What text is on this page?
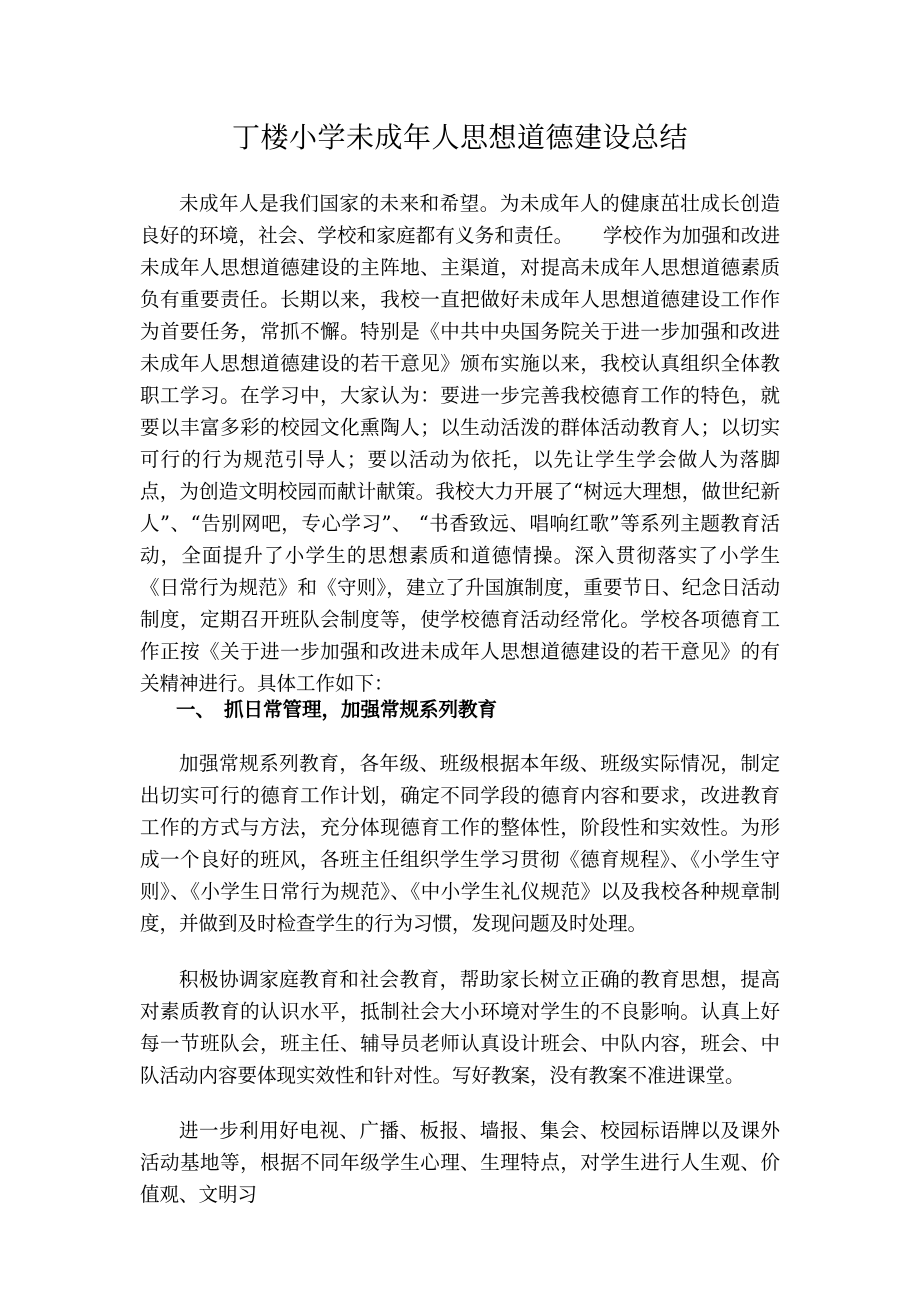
丁楼小学未成年人思想道德建设总结

未成年人是我们国家的未来和希望。为未成年人的健康茁壮成长创造良好的环境，社会、学校和家庭都有义务和责任。　　学校作为加强和改进未成年人思想道德建设的主阵地、主渠道，对提高未成年人思想道德素质负有重要责任。长期以来，我校一直把做好未成年人思想道德建设工作作为首要任务，常抓不懈。特别是《中共中央国务院关于进一步加强和改进未成年人思想道德建设的若干意见》颁布实施以来，我校认真组织全体教职工学习。在学习中，大家认为：要进一步完善我校德育工作的特色，就要以丰富多彩的校园文化熏陶人；以生动活泼的群体活动教育人；以切实可行的行为规范引导人；要以活动为依托，以先让学生学会做人为落脚点，为创造文明校园而献计献策。我校大力开展了“树远大理想，做世纪新人”、“告别网吧，专心学习”、 “书香致远、唱响红歌”等系列主题教育活动，全面提升了小学生的思想素质和道德情操。深入贯彻落实了小学生《日常行为规范》和《守则》，建立了升国旗制度，重要节日、纪念日活动制度，定期召开班队会制度等，使学校德育活动经常化。学校各项德育工作正按《关于进一步加强和改进未成年人思想道德建设的若干意见》的有关精神进行。具体工作如下：

一、 抓日常管理，加强常规系列教育

加强常规系列教育，各年级、班级根据本年级、班级实际情况，制定出切实可行的德育工作计划，确定不同学段的德育内容和要求，改进教育工作的方式与方法，充分体现德育工作的整体性，阶段性和实效性。为形成一个良好的班风，各班主任组织学生学习贯彻《德育规程》、《小学生守则》、《小学生日常行为规范》、《中小学生礼仪规范》以及我校各种规章制度，并做到及时检查学生的行为习惯，发现问题及时处理。

积极协调家庭教育和社会教育，帮助家长树立正确的教育思想，提高对素质教育的认识水平，抵制社会大小环境对学生的不良影响。认真上好每一节班队会，班主任、辅导员老师认真设计班会、中队内容，班会、中队活动内容要体现实效性和针对性。写好教案，没有教案不准进课堂。

进一步利用好电视、广播、板报、墙报、集会、校园标语牌以及课外活动基地等，根据不同年级学生心理、生理特点，对学生进行人生观、价值观、文明习
